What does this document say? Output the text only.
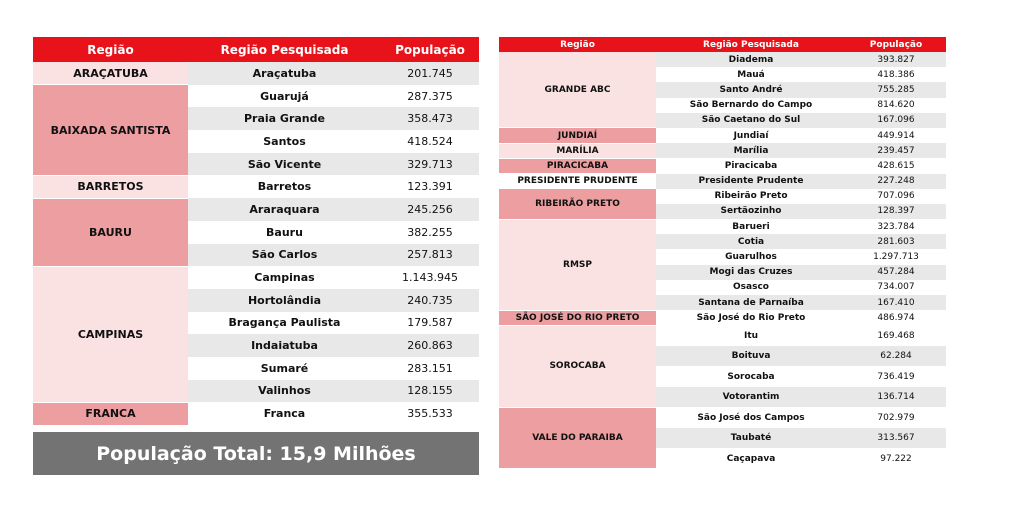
Região	Região Pesquisada	População
ARAÇATUBA	Araçatuba	201.745
BAIXADA SANTISTA	Guarujá	287.375
	Praia Grande	358.473
	Santos	418.524
	São Vicente	329.713
BARRETOS	Barretos	123.391
BAURU	Araraquara	245.256
	Bauru	382.255
	São Carlos	257.813
CAMPINAS	Campinas	1.143.945
	Hortolândia	240.735
	Bragança Paulista	179.587
	Indaiatuba	260.863
	Sumaré	283.151
	Valinhos	128.155
FRANCA	Franca	355.533
População Total: 15,9 Milhões
Região	Região Pesquisada	População
GRANDE ABC	Diadema	393.827
	Mauá	418.386
	Santo André	755.285
	São Bernardo do Campo	814.620
	São Caetano do Sul	167.096
JUNDIAÍ	Jundiaí	449.914
MARÍLIA	Marília	239.457
PIRACICABA	Piracicaba	428.615
PRESIDENTE PRUDENTE	Presidente Prudente	227.248
RIBEIRÃO PRETO	Ribeirão Preto	707.096
	Sertãozinho	128.397
RMSP	Barueri	323.784
	Cotia	281.603
	Guarulhos	1.297.713
	Mogi das Cruzes	457.284
	Osasco	734.007
	Santana de Parnaíba	167.410
SÃO JOSÉ DO RIO PRETO	São José do Rio Preto	486.974
SOROCABA	Itu	169.468
	Boituva	62.284
	Sorocaba	736.419
	Votorantim	136.714
VALE DO PARAIBA	São José dos Campos	702.979
	Taubaté	313.567
	Caçapava	97.222
